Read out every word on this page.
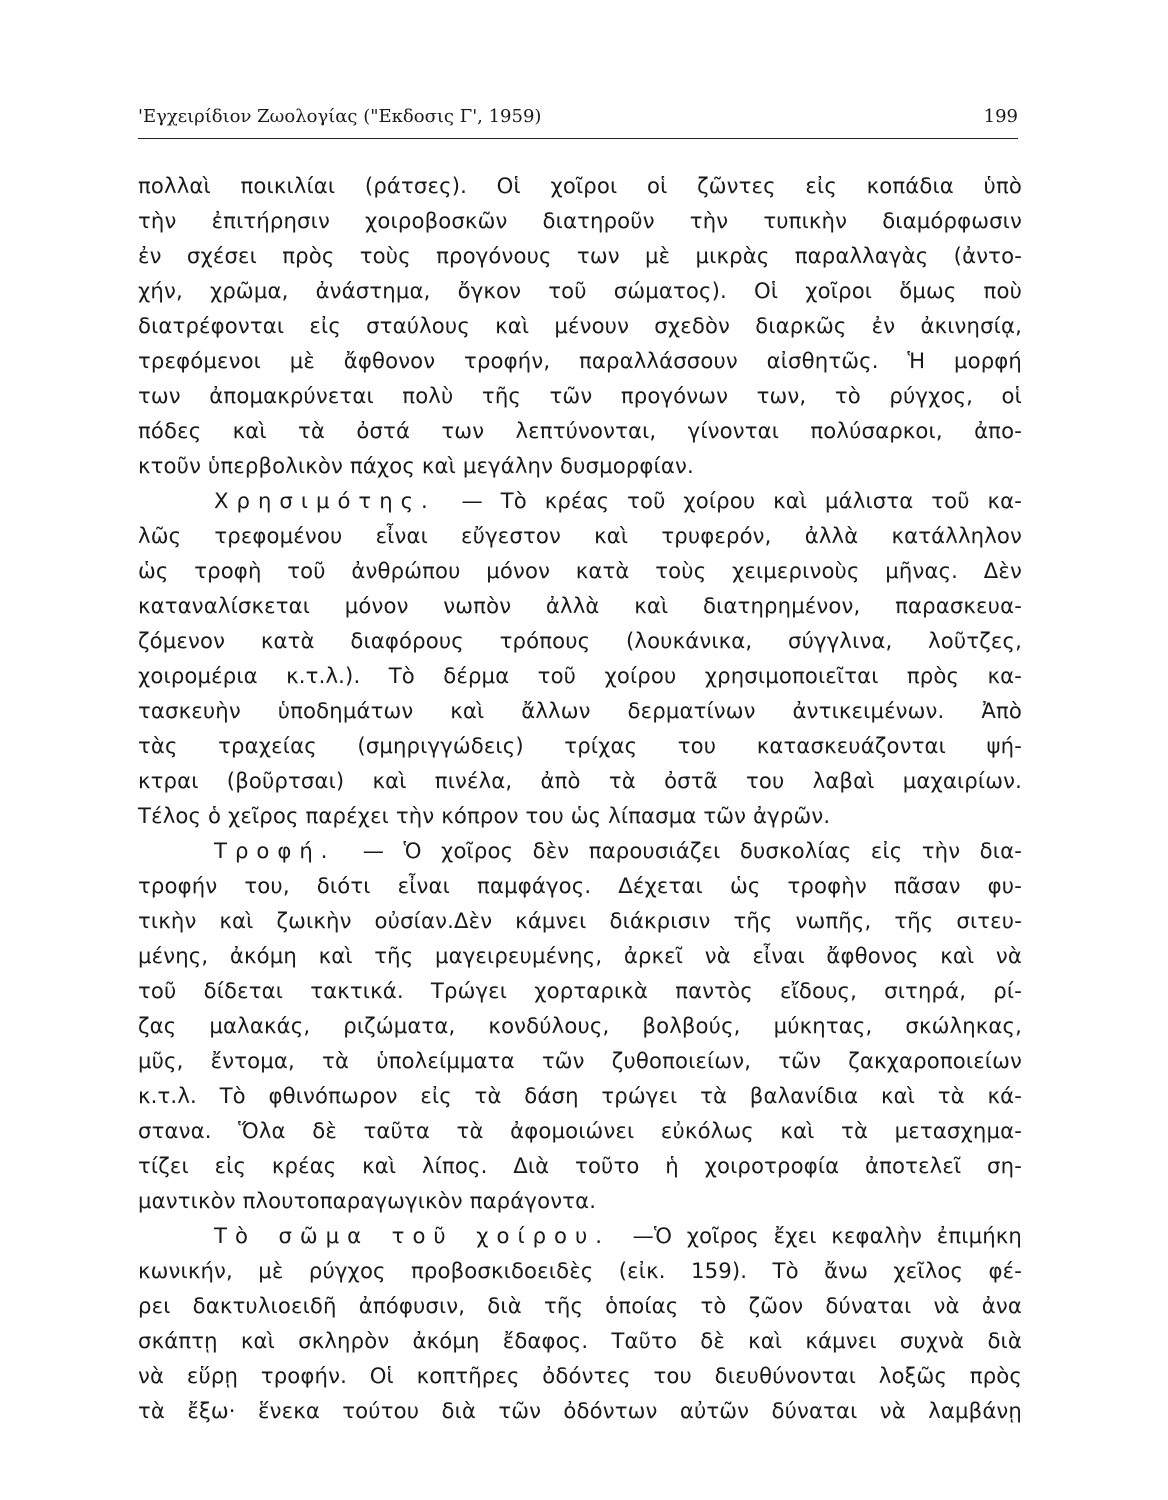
'Εγχειρίδιον Ζωολογίας ("Εκδοσις Γ', 1959)	199
πολλαὶ ποικιλίαι (ράτσες). Οἱ χοῖροι οἱ ζῶντες εἰς κοπάδια ὑπὸ
τὴν ἐπιτήρησιν χοιροβοσκῶν διατηροῦν τὴν τυπικὴν διαμόρφωσιν
ἐν σχέσει πρὸς τοὺς προγόνους των μὲ μικρὰς παραλλαγὰς (ἀντο-
χήν, χρῶμα, ἀνάστημα, ὄγκον τοῦ σώματος). Οἱ χοῖροι ὅμως ποὺ
διατρέφονται εἰς σταύλους καὶ μένουν σχεδὸν διαρκῶς ἐν ἀκινησίᾳ,
τρεφόμενοι μὲ ἄφθονον τροφήν, παραλλάσσουν αἰσθητῶς. Ἡ μορφή
των ἀπομακρύνεται πολὺ τῆς τῶν προγόνων των, τὸ ρύγχος, οἱ
πόδες καὶ τὰ ὀστά των λεπτύνονται, γίνονται πολύσαρκοι, ἀπο-
κτοῦν ὑπερβολικὸν πάχος καὶ μεγάλην δυσμορφίαν.
Χρησιμότης. — Τὸ κρέας τοῦ χοίρου καὶ μάλιστα τοῦ κα-
λῶς τρεφομένου εἶναι εὔγεστον καὶ τρυφερόν, ἀλλὰ κατάλληλον
ὡς τροφὴ τοῦ ἀνθρώπου μόνον κατὰ τοὺς χειμερινοὺς μῆνας. Δὲν
καταναλίσκεται μόνον νωπὸν ἀλλὰ καὶ διατηρημένον, παρασκευα-
ζόμενον κατὰ διαφόρους τρόπους (λουκάνικα, σύγγλινα, λοῦτζες,
χοιρομέρια κ.τ.λ.). Τὸ δέρμα τοῦ χοίρου χρησιμοποιεῖται πρὸς κα-
τασκευὴν ὑποδημάτων καὶ ἄλλων δερματίνων ἀντικειμένων. Ἀπὸ
τὰς τραχείας (σμηριγγώδεις) τρίχας του κατασκευάζονται ψή-
κτραι (βοῦρτσαι) καὶ πινέλα, ἀπὸ τὰ ὀστᾶ του λαβαὶ μαχαιρίων.
Τέλος ὁ χεῖρος παρέχει τὴν κόπρον του ὡς λίπασμα τῶν ἀγρῶν.
Τροφή. — Ὁ χοῖρος δὲν παρουσιάζει δυσκολίας εἰς τὴν δια-
τροφήν του, διότι εἶναι παμφάγος. Δέχεται ὡς τροφὴν πᾶσαν φυ-
τικὴν καὶ ζωικὴν οὐσίαν.Δὲν κάμνει διάκρισιν τῆς νωπῆς, τῆς σιτευ-
μένης, ἀκόμη καὶ τῆς μαγειρευμένης, ἀρκεῖ νὰ εἶναι ἄφθονος καὶ νὰ
τοῦ δίδεται τακτικά. Τρώγει χορταρικὰ παντὸς εἴδους, σιτηρά, ρί-
ζας μαλακάς, ριζώματα, κονδύλους, βολβούς, μύκητας, σκώληκας,
μῦς, ἔντομα, τὰ ὑπολείμματα τῶν ζυθοποιείων, τῶν ζακχαροποιείων
κ.τ.λ. Τὸ φθινόπωρον εἰς τὰ δάση τρώγει τὰ βαλανίδια καὶ τὰ κά-
στανα. Ὅλα δὲ ταῦτα τὰ ἀφομοιώνει εὐκόλως καὶ τὰ μετασχημα-
τίζει εἰς κρέας καὶ λίπος. Διὰ τοῦτο ἡ χοιροτροφία ἀποτελεῖ ση-
μαντικὸν πλουτοπαραγωγικὸν παράγοντα.
Τὸ σῶμα τοῦ χοίρου. —Ὁ χοῖρος ἔχει κεφαλὴν ἐπιμήκη
κωνικήν, μὲ ρύγχος προβοσκιδοειδὲς (εἰκ. 159). Τὸ ἄνω χεῖλος φέ-
ρει δακτυλιοειδῆ ἀπόφυσιν, διὰ τῆς ὁποίας τὸ ζῶον δύναται νὰ ἀνα
σκάπτῃ καὶ σκληρὸν ἀκόμη ἔδαφος. Ταῦτο δὲ καὶ κάμνει συχνὰ διὰ
νὰ εὕρῃ τροφήν. Οἱ κοπτῆρες ὀδόντες του διευθύνονται λοξῶς πρὸς
τὰ ἔξω· ἕνεκα τούτου διὰ τῶν ὀδόντων αὐτῶν δύναται νὰ λαμβάνῃ
